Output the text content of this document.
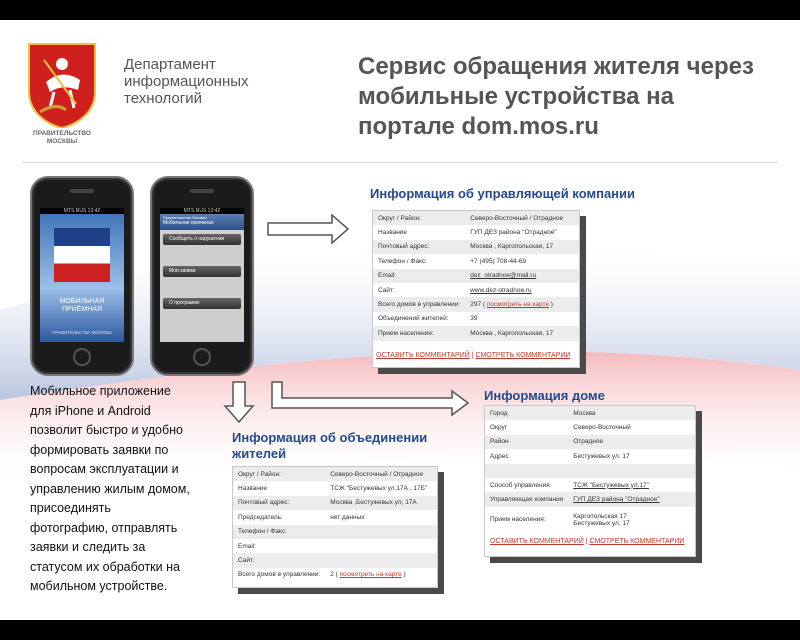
ПРАВИТЕЛЬСТВО
МОСКВЫ
Департамент
информационных
технологий
Сервис обращения жителя через
мобильные устройства на
портале dom.mos.ru
MTS RUS 13:42
МОБИЛЬНАЯ
ПРИЁМНАЯ
ПРАВИТЕЛЬСТВА МОСКВЫ
MTS RUS 13:42
Правительство Москвы
Мобильная приемная
Сообщить о нарушении
Мои заявки
О программе
Мобильное приложение
для iPhone и Android
позволит быстро и удобно
формировать заявки по
вопросам эксплуатации и
управлению жилым домом,
присоединять
фотографию, отправлять
заявки и следить за
статусом их обработки на
мобильном устройстве.
Информация об управляющей компании
Округ / Район:	Северо-Восточный / Отрадное
Название	ГУП ДЕЗ района "Отрадное"
Почтовый адрес:	Москва , Каргопольская, 17
Телефон / Факс:	+7 (495) 708-44-69
Email:	dez_otradnoe@mail.ru
Сайт:	www.dez-otradnoe.ru
Всего домов в управлении:	297 ( посмотреть на карте )
Объединений жителей:	39
Прием населения:	Москва , Каргопольская, 17
ОСТАВИТЬ КОММЕНТАРИЙ | СМОТРЕТЬ КОММЕНТАРИИ
Информация доме
Город	Москва
Округ	Северо-Восточный
Район	Отрадное
Адрес	Бестужевых ул. 17

Способ управления	ТСЖ "Бестужевых ул.17"
Управляющая компания	ГУП ДЕЗ района "Отрадное"
Прием населения:	Каргопольская 17
Бестужевых ул. 17
ОСТАВИТЬ КОММЕНТАРИЙ | СМОТРЕТЬ КОММЕНТАРИИ
Информация об объединении
жителей
Округ / Район:	Северо-Восточный / Отрадное
Название	ТСЖ "Бестужевых ул.17А , 17Б"
Почтовый адрес:	Москва ,Бестужевых ул, 17А
Председатель:	нет данных
Телефон / Факс:	
Email:	
Сайт:	
Всего домов в управлении:	2 ( посмотреть на карте )
